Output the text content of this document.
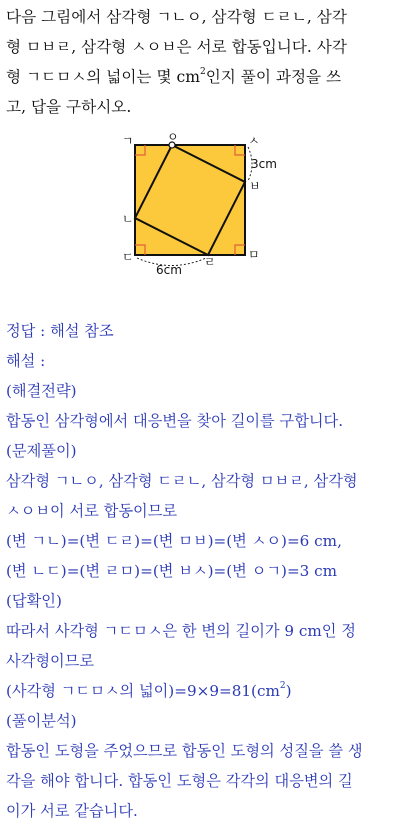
다음 그림에서 삼각형 ㄱㄴㅇ, 삼각형 ㄷㄹㄴ, 삼각
형 ㅁㅂㄹ, 삼각형 ㅅㅇㅂ은 서로 합동입니다. 사각
형 ㄱㄷㅁㅅ의 넓이는 몇 $cm^2$인지 풀이 과정을 쓰
고, 답을 구하시오.
ㄱ	ㅇ	ㅅ
ㄴ
ㅂ
ㄷ	ㄹ	ㅁ
3cm
6cm
정답 : 해설 참조
해설 :
(해결전략)
합동인 삼각형에서 대응변을 찾아 길이를 구합니다.
(문제풀이)
삼각형 ㄱㄴㅇ, 삼각형 ㄷㄹㄴ, 삼각형 ㅁㅂㄹ, 삼각형
ㅅㅇㅂ이 서로 합동이므로
(변 ㄱㄴ)=(변 ㄷㄹ)=(변 ㅁㅂ)=(변 ㅅㅇ)=6 cm,
(변 ㄴㄷ)=(변 ㄹㅁ)=(변 ㅂㅅ)=(변 ㅇㄱ)=3 cm
(답확인)
따라서 사각형 ㄱㄷㅁㅅ은 한 변의 길이가 9 cm인 정
사각형이므로
(사각형 ㄱㄷㅁㅅ의 넓이)$=9\times 9=81(cm^2)$
(풀이분석)
합동인 도형을 주었으므로 합동인 도형의 성질을 쓸 생
각을 해야 합니다. 합동인 도형은 각각의 대응변의 길
이가 서로 같습니다.
